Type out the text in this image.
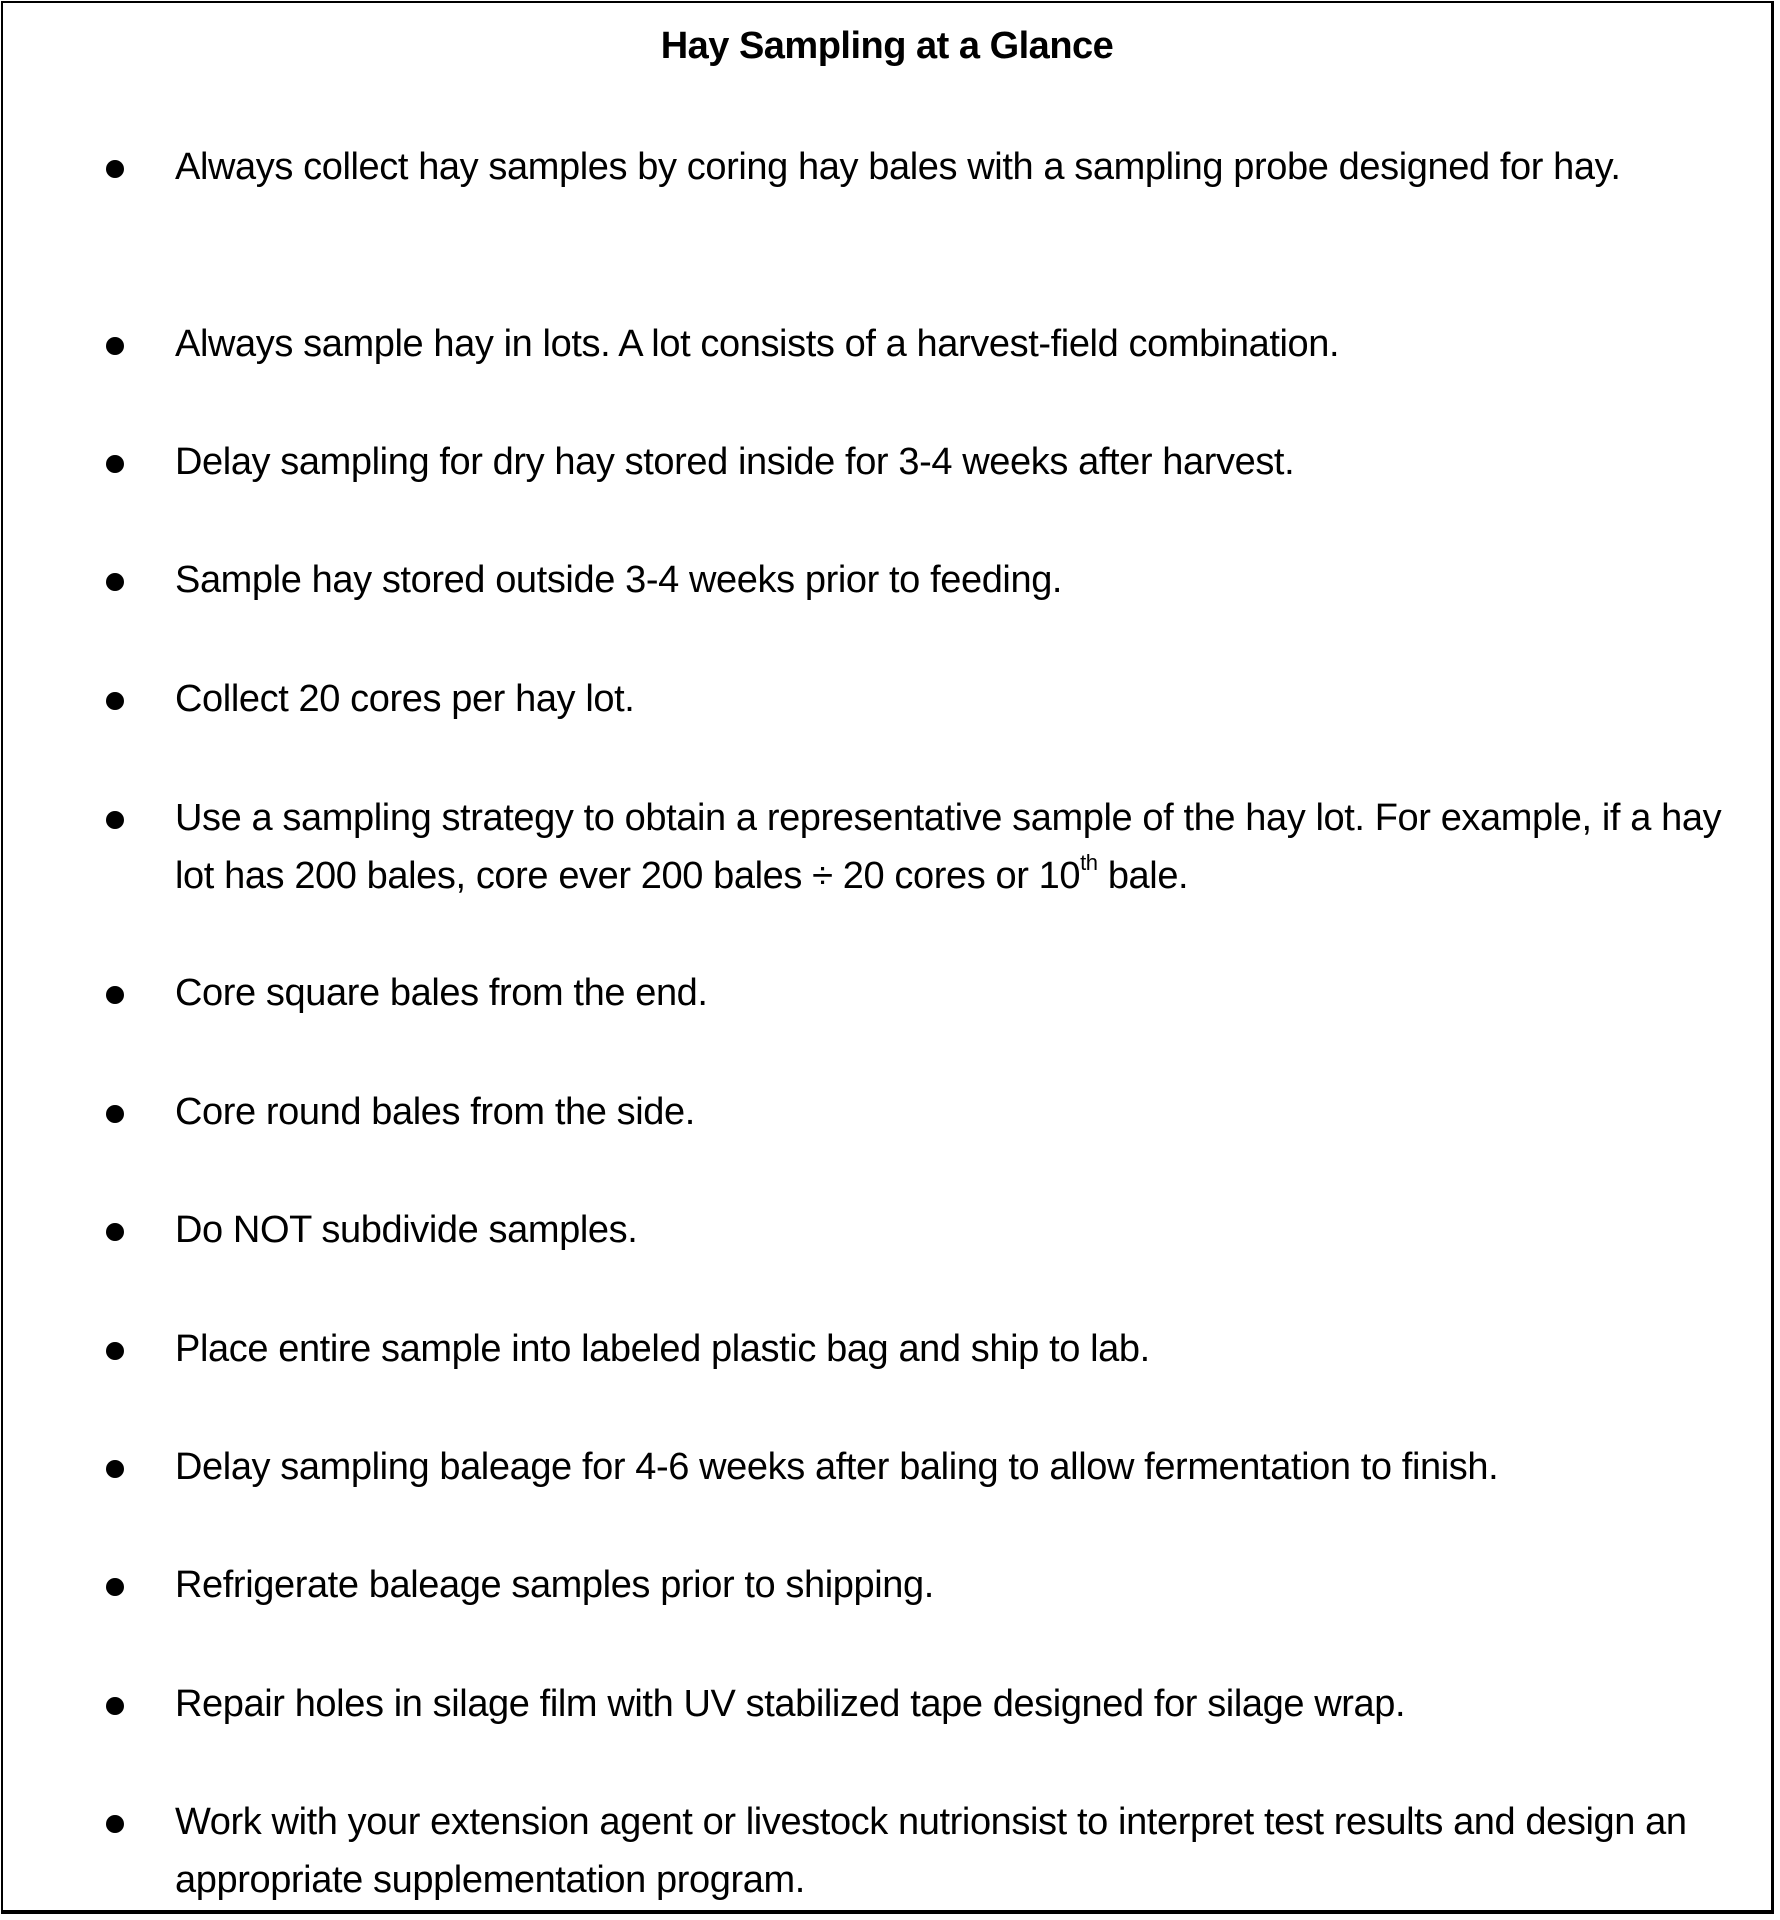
Hay Sampling at a Glance
Always collect hay samples by coring hay bales with a sampling probe designed for hay.
Always sample hay in lots. A lot consists of a harvest-field combination.
Delay sampling for dry hay stored inside for 3-4 weeks after harvest.
Sample hay stored outside 3-4 weeks prior to feeding.
Collect 20 cores per hay lot.
Use a sampling strategy to obtain a representative sample of the hay lot. For example, if a hay lot has 200 bales, core ever 200 bales ÷ 20 cores or 10th bale.
Core square bales from the end.
Core round bales from the side.
Do NOT subdivide samples.
Place entire sample into labeled plastic bag and ship to lab.
Delay sampling baleage for 4-6 weeks after baling to allow fermentation to finish.
Refrigerate baleage samples prior to shipping.
Repair holes in silage film with UV stabilized tape designed for silage wrap.
Work with your extension agent or livestock nutrionsist to interpret test results and design an appropriate supplementation program.
